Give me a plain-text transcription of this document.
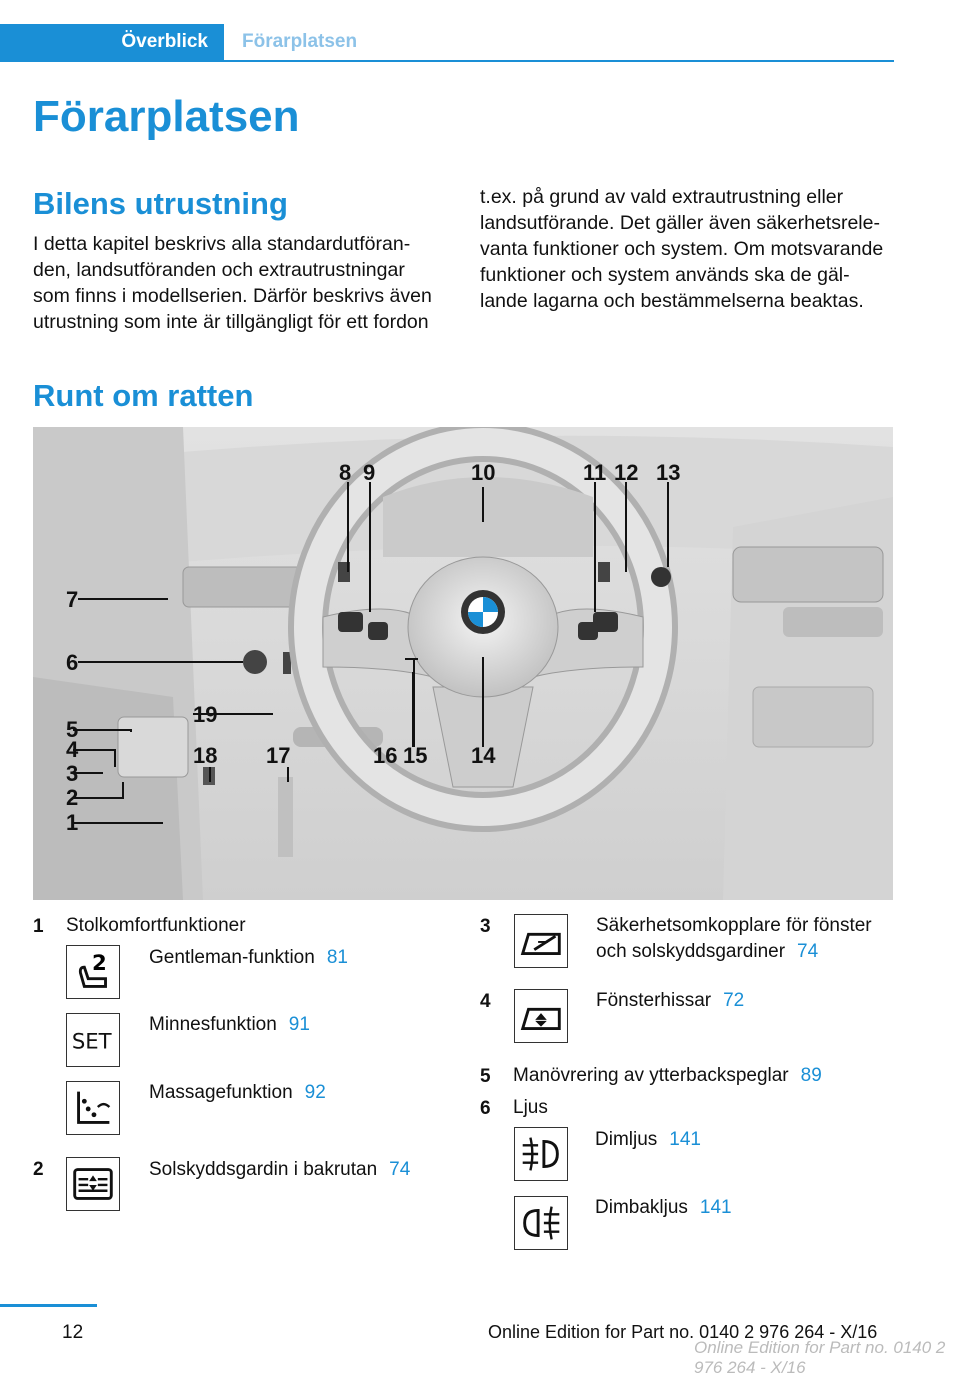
Överblick	Förarplatsen
Förarplatsen
Bilens utrustning
I detta kapitel beskrivs alla standardutföran-
den, landsutföranden och extrautrustningar
som finns i modellserien. Därför beskrivs även
utrustning som inte är tillgängligt för ett fordon
t.ex. på grund av vald extrautrustning eller
landsutförande. Det gäller även säkerhetsrele-
vanta funktioner och system. Om motsvarande
funktioner och system används ska de gäl-
lande lagarna och bestämmelserna beaktas.
Runt om ratten
1
2
3
4
5
6
7
8 9	10	11 12 13
14
15
16
17
18
19
1 Stolkomfortfunktioner
2 Gentleman-funktion 81
SET
Minnesfunktion 91
Massagefunktion 92
2	Solskyddsgardin i bakrutan 74
3	Säkerhetsomkopplare för fönster
och solskyddsgardiner 74
4	Fönsterhissar 72
5 Manövrering av ytterbackspeglar 89
6 Ljus
Dimljus 141
Dimbakljus 141
12	Online Edition for Part no. 0140 2 976 264 - X/16
Online Edition for Part no. 0140 2 976 264 - X/16
